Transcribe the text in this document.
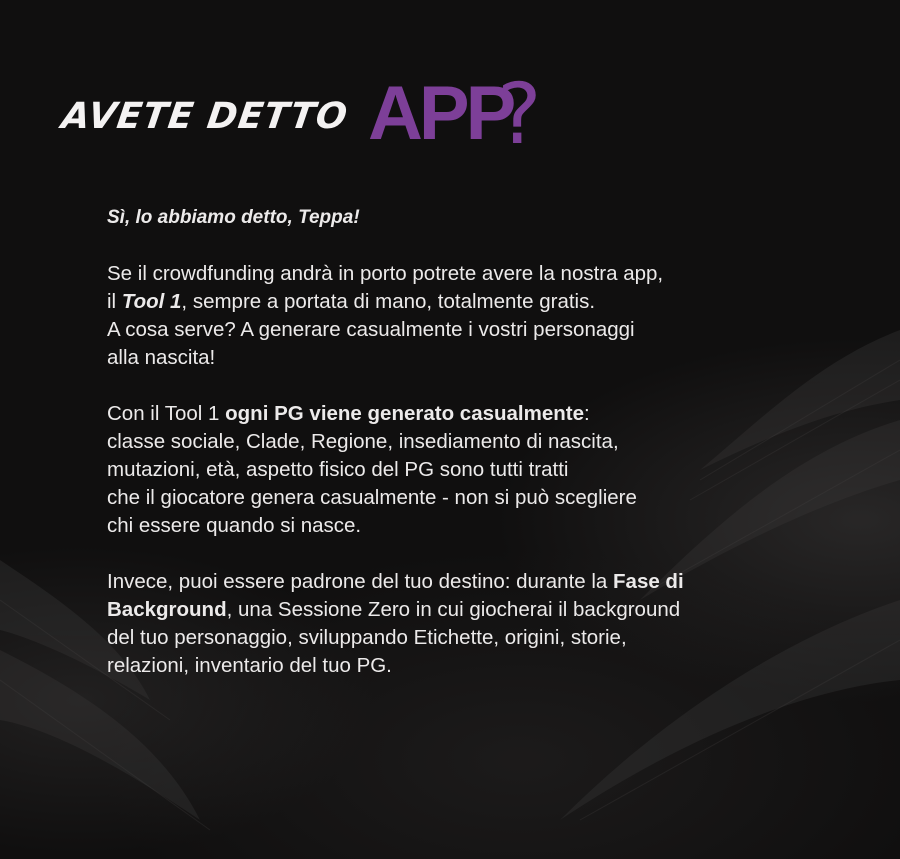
AVETE DETTO APP
?

Sì, lo abbiamo detto, Teppa!

Se il crowdfunding andrà in porto potrete avere la nostra app,
il Tool 1, sempre a portata di mano, totalmente gratis.
A cosa serve? A generare casualmente i vostri personaggi
alla nascita!

Con il Tool 1 ogni PG viene generato casualmente:
classe sociale, Clade, Regione, insediamento di nascita,
mutazioni, età, aspetto fisico del PG sono tutti tratti
che il giocatore genera casualmente - non si può scegliere
chi essere quando si nasce.

Invece, puoi essere padrone del tuo destino: durante la Fase di
Background, una Sessione Zero in cui giocherai il background
del tuo personaggio, sviluppando Etichette, origini, storie,
relazioni, inventario del tuo PG.
